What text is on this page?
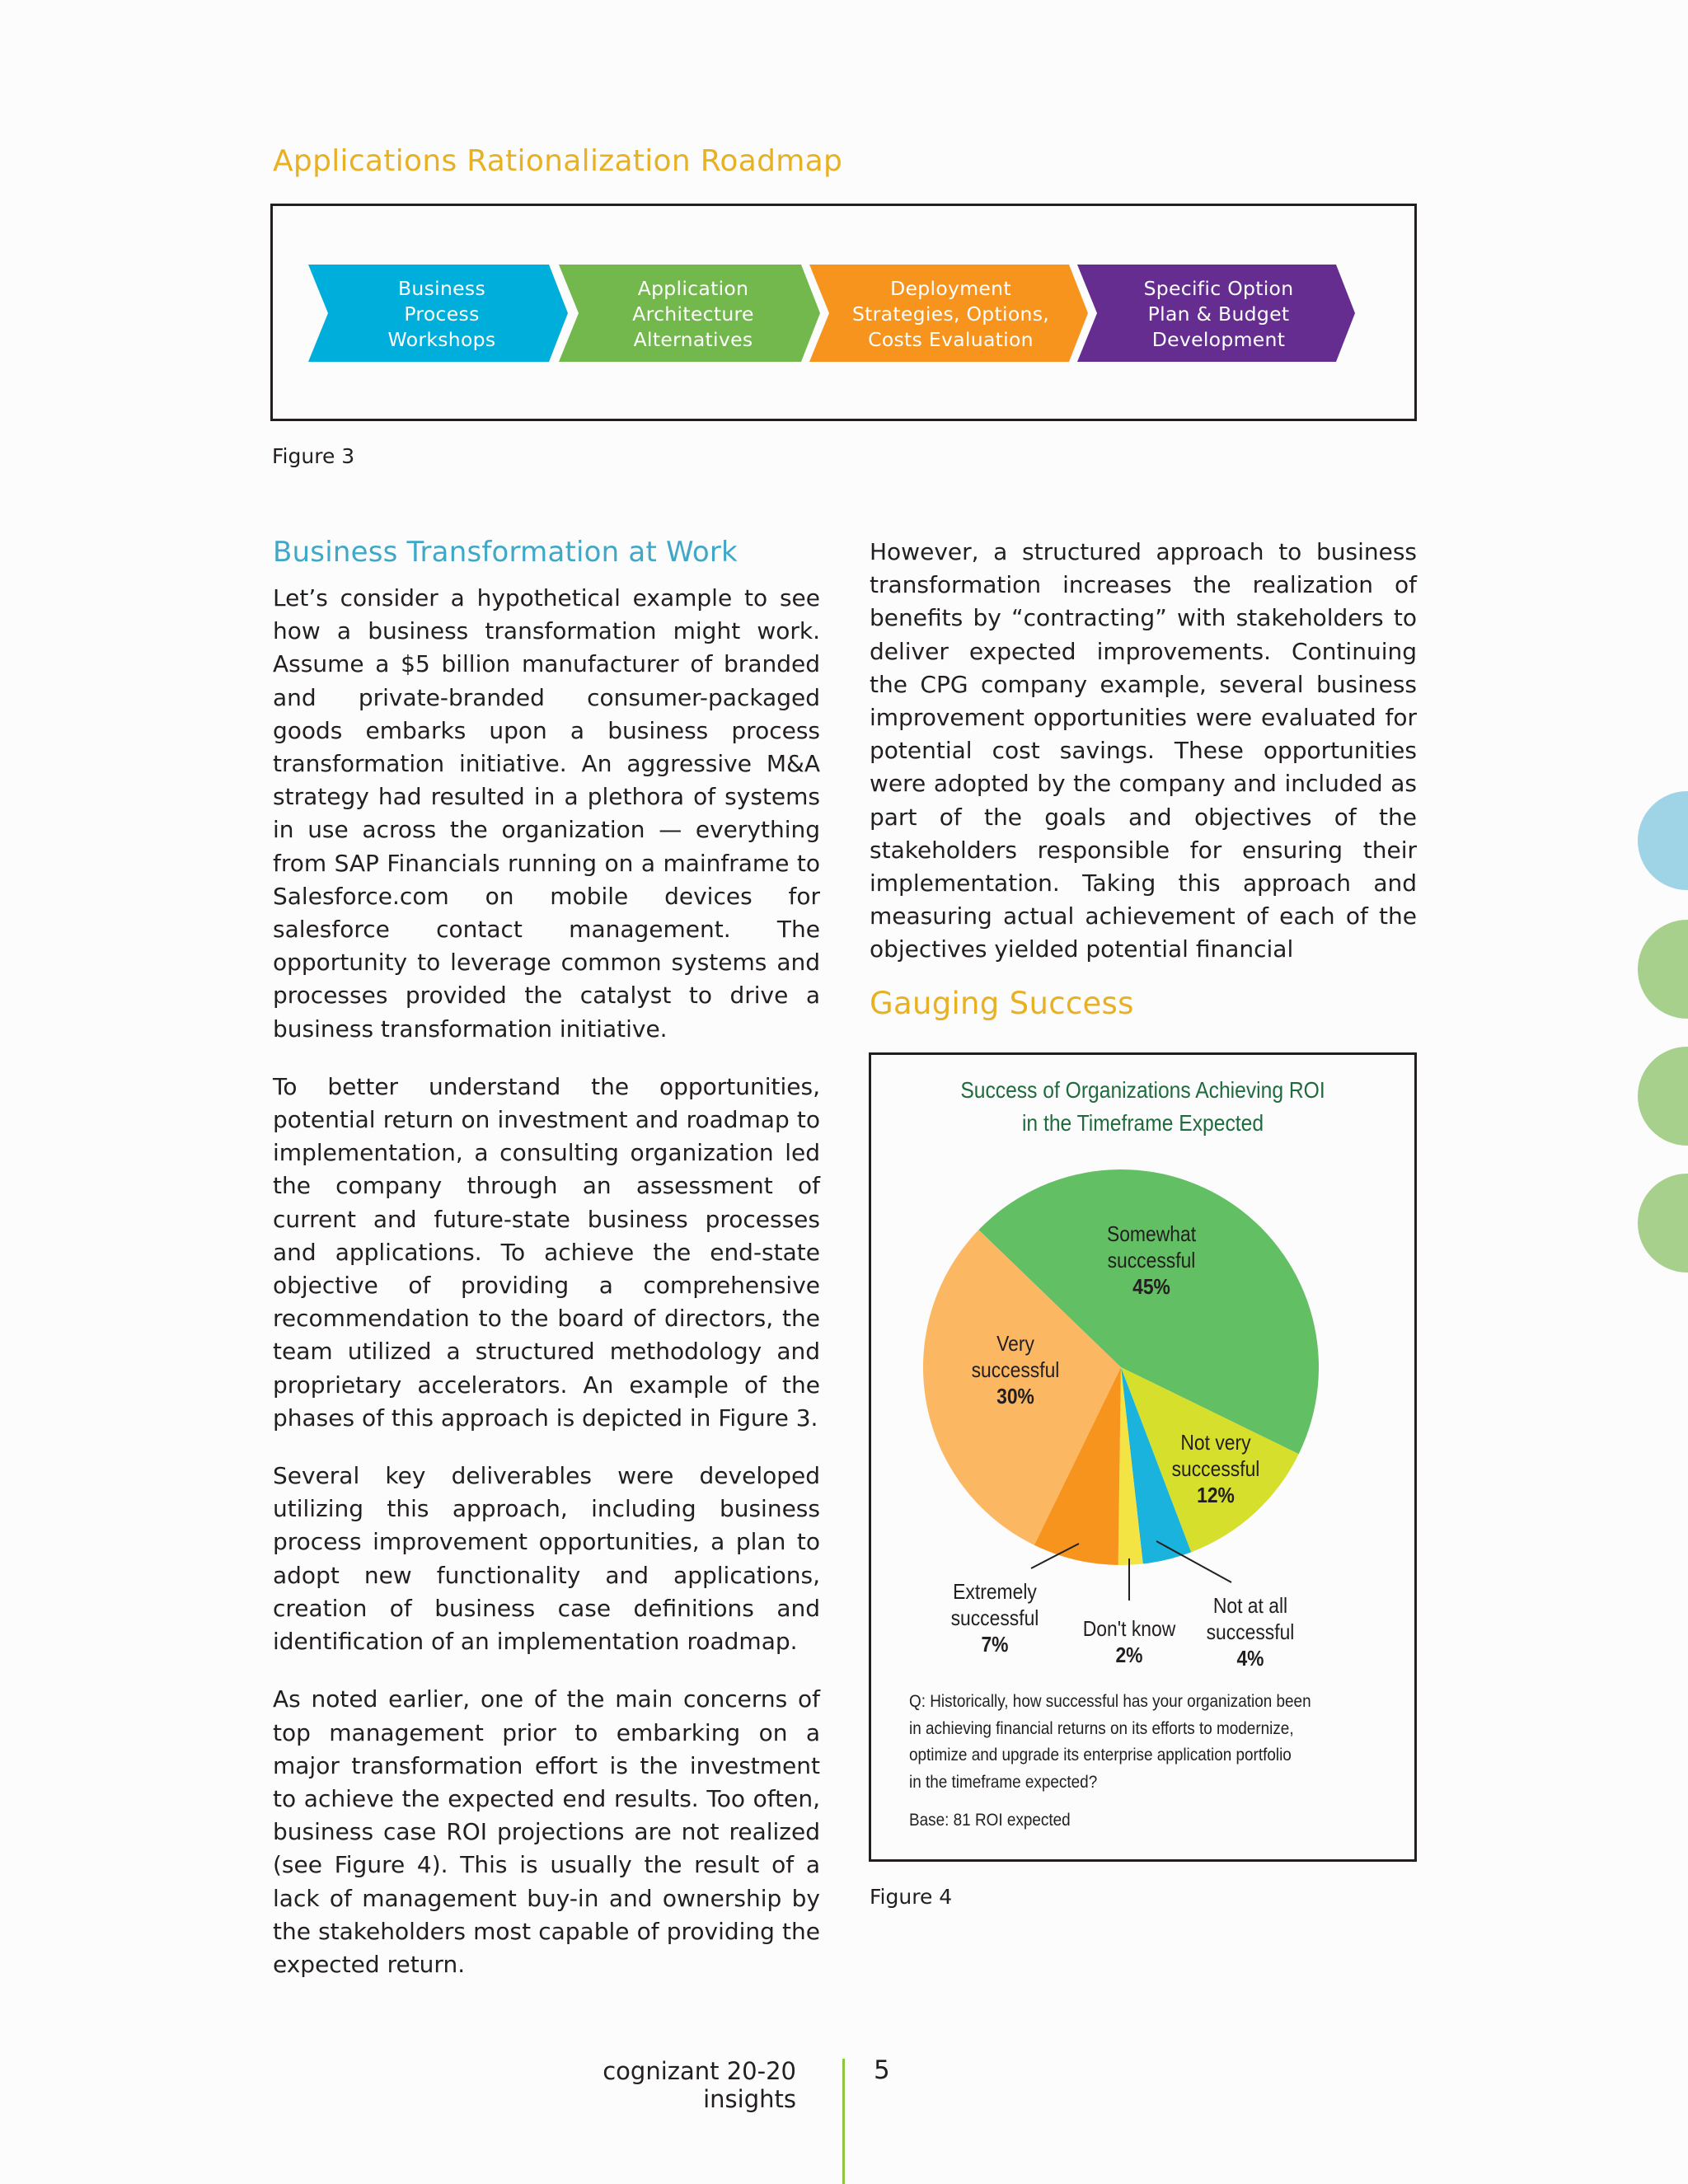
Applications Rationalization Roadmap
Business
Process
Workshops
Application
Architecture
Alternatives
Deployment
Strategies, Options,
Costs Evaluation
Specific Option
Plan & Budget
Development
Figure 3
Business Transformation at Work

Let’s consider a hypothetical example to see how a business transformation might work. Assume a $5 billion manufacturer of branded and private-branded consumer-packaged goods embarks upon a business process transformation initiative. An aggressive M&A strategy had resulted in a plethora of systems in use across the organization — everything from SAP Financials running on a mainframe to Salesforce.com on mobile devices for salesforce contact management. The opportunity to leverage common systems and processes provided the catalyst to drive a business transformation initiative.

To better understand the opportunities, potential return on investment and roadmap to implementation, a consulting organization led the company through an assessment of current and future-state business processes and applications. To achieve the end-state objective of providing a comprehensive recommendation to the board of directors, the team utilized a structured methodology and proprietary accelerators. An example of the phases of this approach is depicted in Figure 3.

Several key deliverables were developed utilizing this approach, including business process improvement opportunities, a plan to adopt new functionality and applications, creation of business case definitions and identification of an implementation roadmap.

As noted earlier, one of the main concerns of top management prior to embarking on a major transformation effort is the investment to achieve the expected end results. Too often, business case ROI projections are not realized (see Figure 4). This is usually the result of a lack of management buy-in and ownership by the stakeholders most capable of providing the expected return.

However, a structured approach to business transformation increases the realization of benefits by “contracting” with stakeholders to deliver expected improvements. Continuing the CPG company example, several business improvement opportunities were evaluated for potential cost savings. These opportunities were adopted by the company and included as part of the goals and objectives of the stakeholders responsible for ensuring their implementation. Taking this approach and measuring actual achievement of each of the objectives yielded potential financial

Gauging Success
Success of Organizations Achieving ROI
in the Timeframe Expected
Somewhat
successful
45%
Not very
successful
12%
Not at all
successful
4%
Don't know
2%
Extremely
successful
7%
Very
successful
30%
Q: Historically, how successful has your organization been
in achieving financial returns on its efforts to modernize,
optimize and upgrade its enterprise application portfolio
in the timeframe expected?
Base: 81 ROI expected
Figure 4
cognizant 20-20 insights
5
